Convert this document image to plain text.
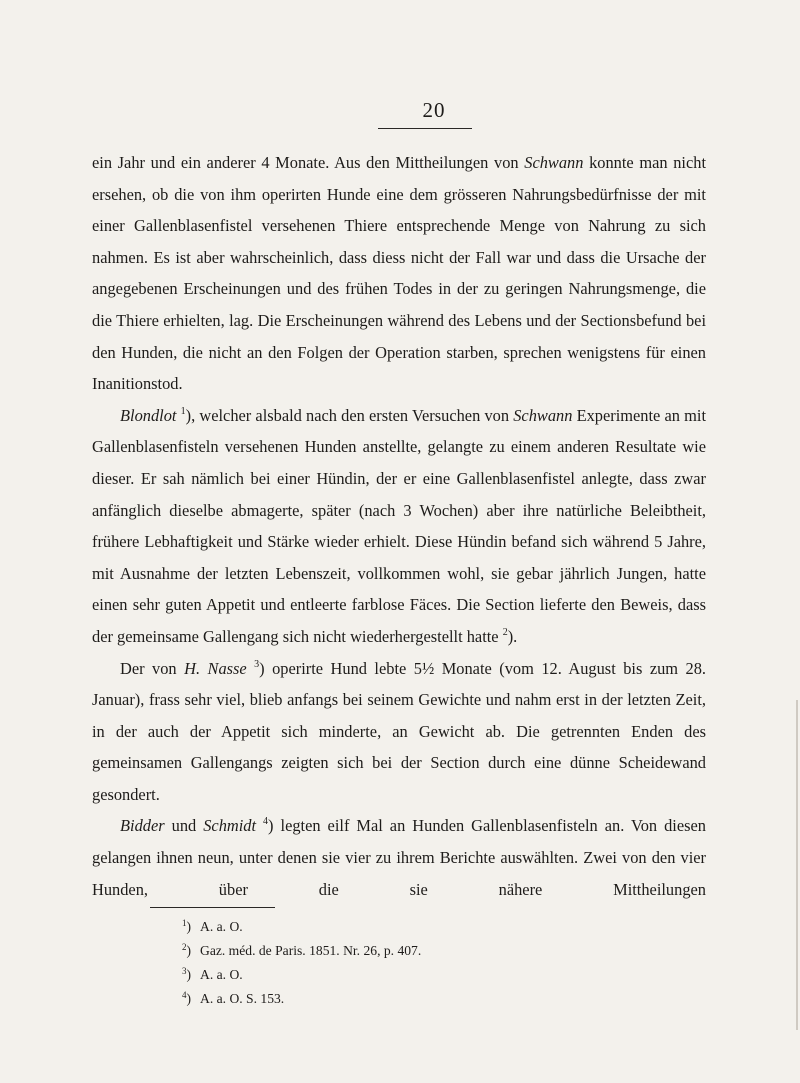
20

ein Jahr und ein anderer 4 Monate. Aus den Mittheilungen von Schwann konnte man nicht ersehen, ob die von ihm operirten Hunde eine dem grösseren Nahrungsbedürfnisse der mit einer Gallenblasenfistel versehenen Thiere entsprechende Menge von Nahrung zu sich nahmen. Es ist aber wahrscheinlich, dass diess nicht der Fall war und dass die Ursache der angegebenen Erscheinungen und des frühen Todes in der zu geringen Nahrungsmenge, die die Thiere erhielten, lag. Die Erscheinungen während des Lebens und der Sectionsbefund bei den Hunden, die nicht an den Folgen der Operation starben, sprechen wenigstens für einen Inanitionstod.

Blondlot $^1$), welcher alsbald nach den ersten Versuchen von Schwann Experimente an mit Gallenblasenfisteln versehenen Hunden anstellte, gelangte zu einem anderen Resultate wie dieser. Er sah nämlich bei einer Hündin, der er eine Gallenblasenfistel anlegte, dass zwar anfänglich dieselbe abmagerte, später (nach 3 Wochen) aber ihre natürliche Beleibtheit, frühere Lebhaftigkeit und Stärke wieder erhielt. Diese Hündin befand sich während 5 Jahre, mit Ausnahme der letzten Lebenszeit, vollkommen wohl, sie gebar jährlich Jungen, hatte einen sehr guten Appetit und entleerte farblose Fäces. Die Section lieferte den Beweis, dass der gemeinsame Gallengang sich nicht wiederhergestellt hatte $^2$).

Der von H. Nasse $^3$) operirte Hund lebte 5½ Monate (vom 12. August bis zum 28. Januar), frass sehr viel, blieb anfangs bei seinem Gewichte und nahm erst in der letzten Zeit, in der auch der Appetit sich minderte, an Gewicht ab. Die getrennten Enden des gemeinsamen Gallengangs zeigten sich bei der Section durch eine dünne Scheidewand gesondert.

Bidder und Schmidt $^4$) legten eilf Mal an Hunden Gallenblasenfisteln an. Von diesen gelangen ihnen neun, unter denen sie vier zu ihrem Berichte auswählten. Zwei von den vier Hunden, über die sie nähere Mittheilungen

$^1$) A. a. O.
$^2$) Gaz. méd. de Paris. 1851. Nr. 26, p. 407.
$^3$) A. a. O.
$^4$) A. a. O. S. 153.
